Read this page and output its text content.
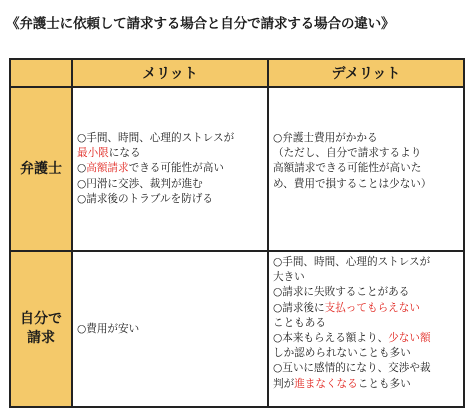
《弁護士に依頼して請求する場合と自分で請求する場合の違い》
メリット	デメリット
弁護士
○手間、時間、心理的ストレスが
最小限になる
○高額請求できる可能性が高い
○円滑に交渉、裁判が進む
○請求後のトラブルを防げる
○弁護士費用がかかる
（ただし、自分で請求するより
高額請求できる可能性が高いた
め、費用で損することは少ない）
自分で
請求
○費用が安い
○手間、時間、心理的ストレスが
大きい
○請求に失敗することがある
○請求後に支払ってもらえない
こともある
○本来もらえる額より、少ない額
しか認められないことも多い
○互いに感情的になり、交渉や裁
判が進まなくなることも多い
